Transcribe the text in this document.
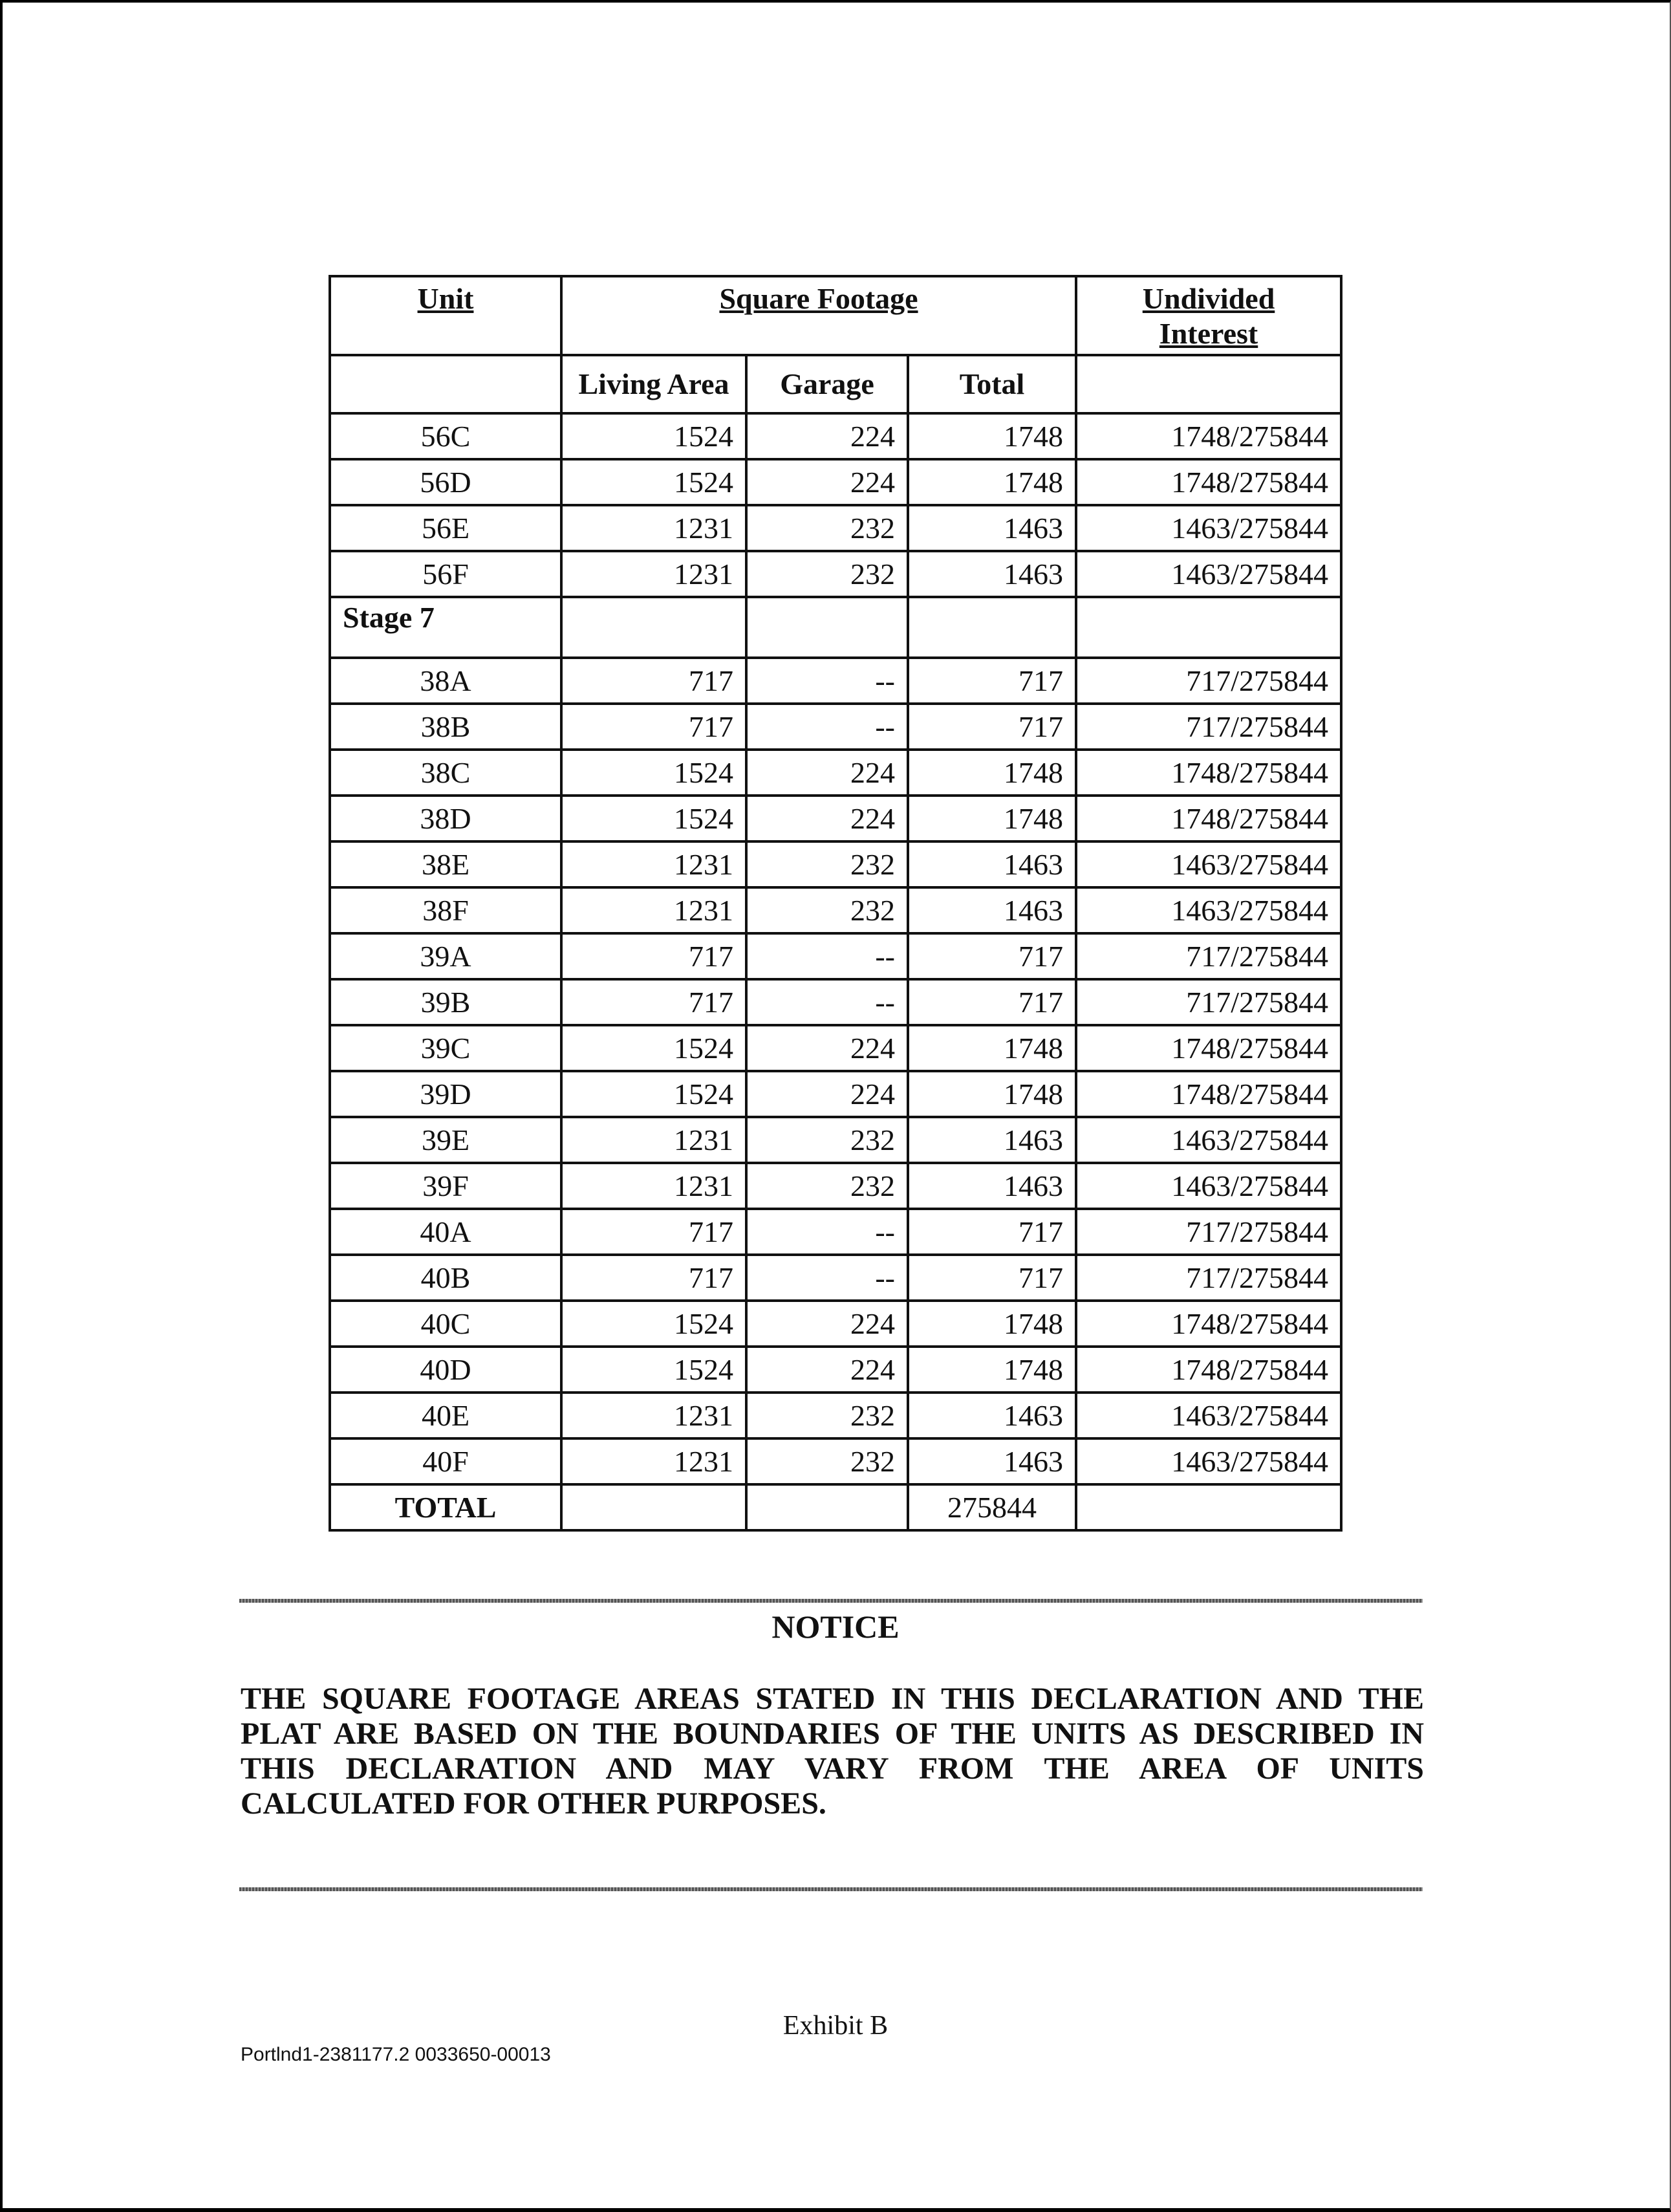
Unit	Square Footage			Undivided
Interest
	Living Area	Garage	Total	
56C	1524	224	1748	1748/275844
56D	1524	224	1748	1748/275844
56E	1231	232	1463	1463/275844
56F	1231	232	1463	1463/275844
Stage 7				
38A	717	--	717	717/275844
38B	717	--	717	717/275844
38C	1524	224	1748	1748/275844
38D	1524	224	1748	1748/275844
38E	1231	232	1463	1463/275844
38F	1231	232	1463	1463/275844
39A	717	--	717	717/275844
39B	717	--	717	717/275844
39C	1524	224	1748	1748/275844
39D	1524	224	1748	1748/275844
39E	1231	232	1463	1463/275844
39F	1231	232	1463	1463/275844
40A	717	--	717	717/275844
40B	717	--	717	717/275844
40C	1524	224	1748	1748/275844
40D	1524	224	1748	1748/275844
40E	1231	232	1463	1463/275844
40F	1231	232	1463	1463/275844
TOTAL			275844	
NOTICE
THE SQUARE FOOTAGE AREAS STATED IN THIS DECLARATION AND THE PLAT ARE BASED ON THE BOUNDARIES OF THE UNITS AS DESCRIBED IN THIS DECLARATION AND MAY VARY FROM THE AREA OF UNITS CALCULATED FOR OTHER PURPOSES.
Exhibit B
Portlnd1-2381177.2 0033650-00013
